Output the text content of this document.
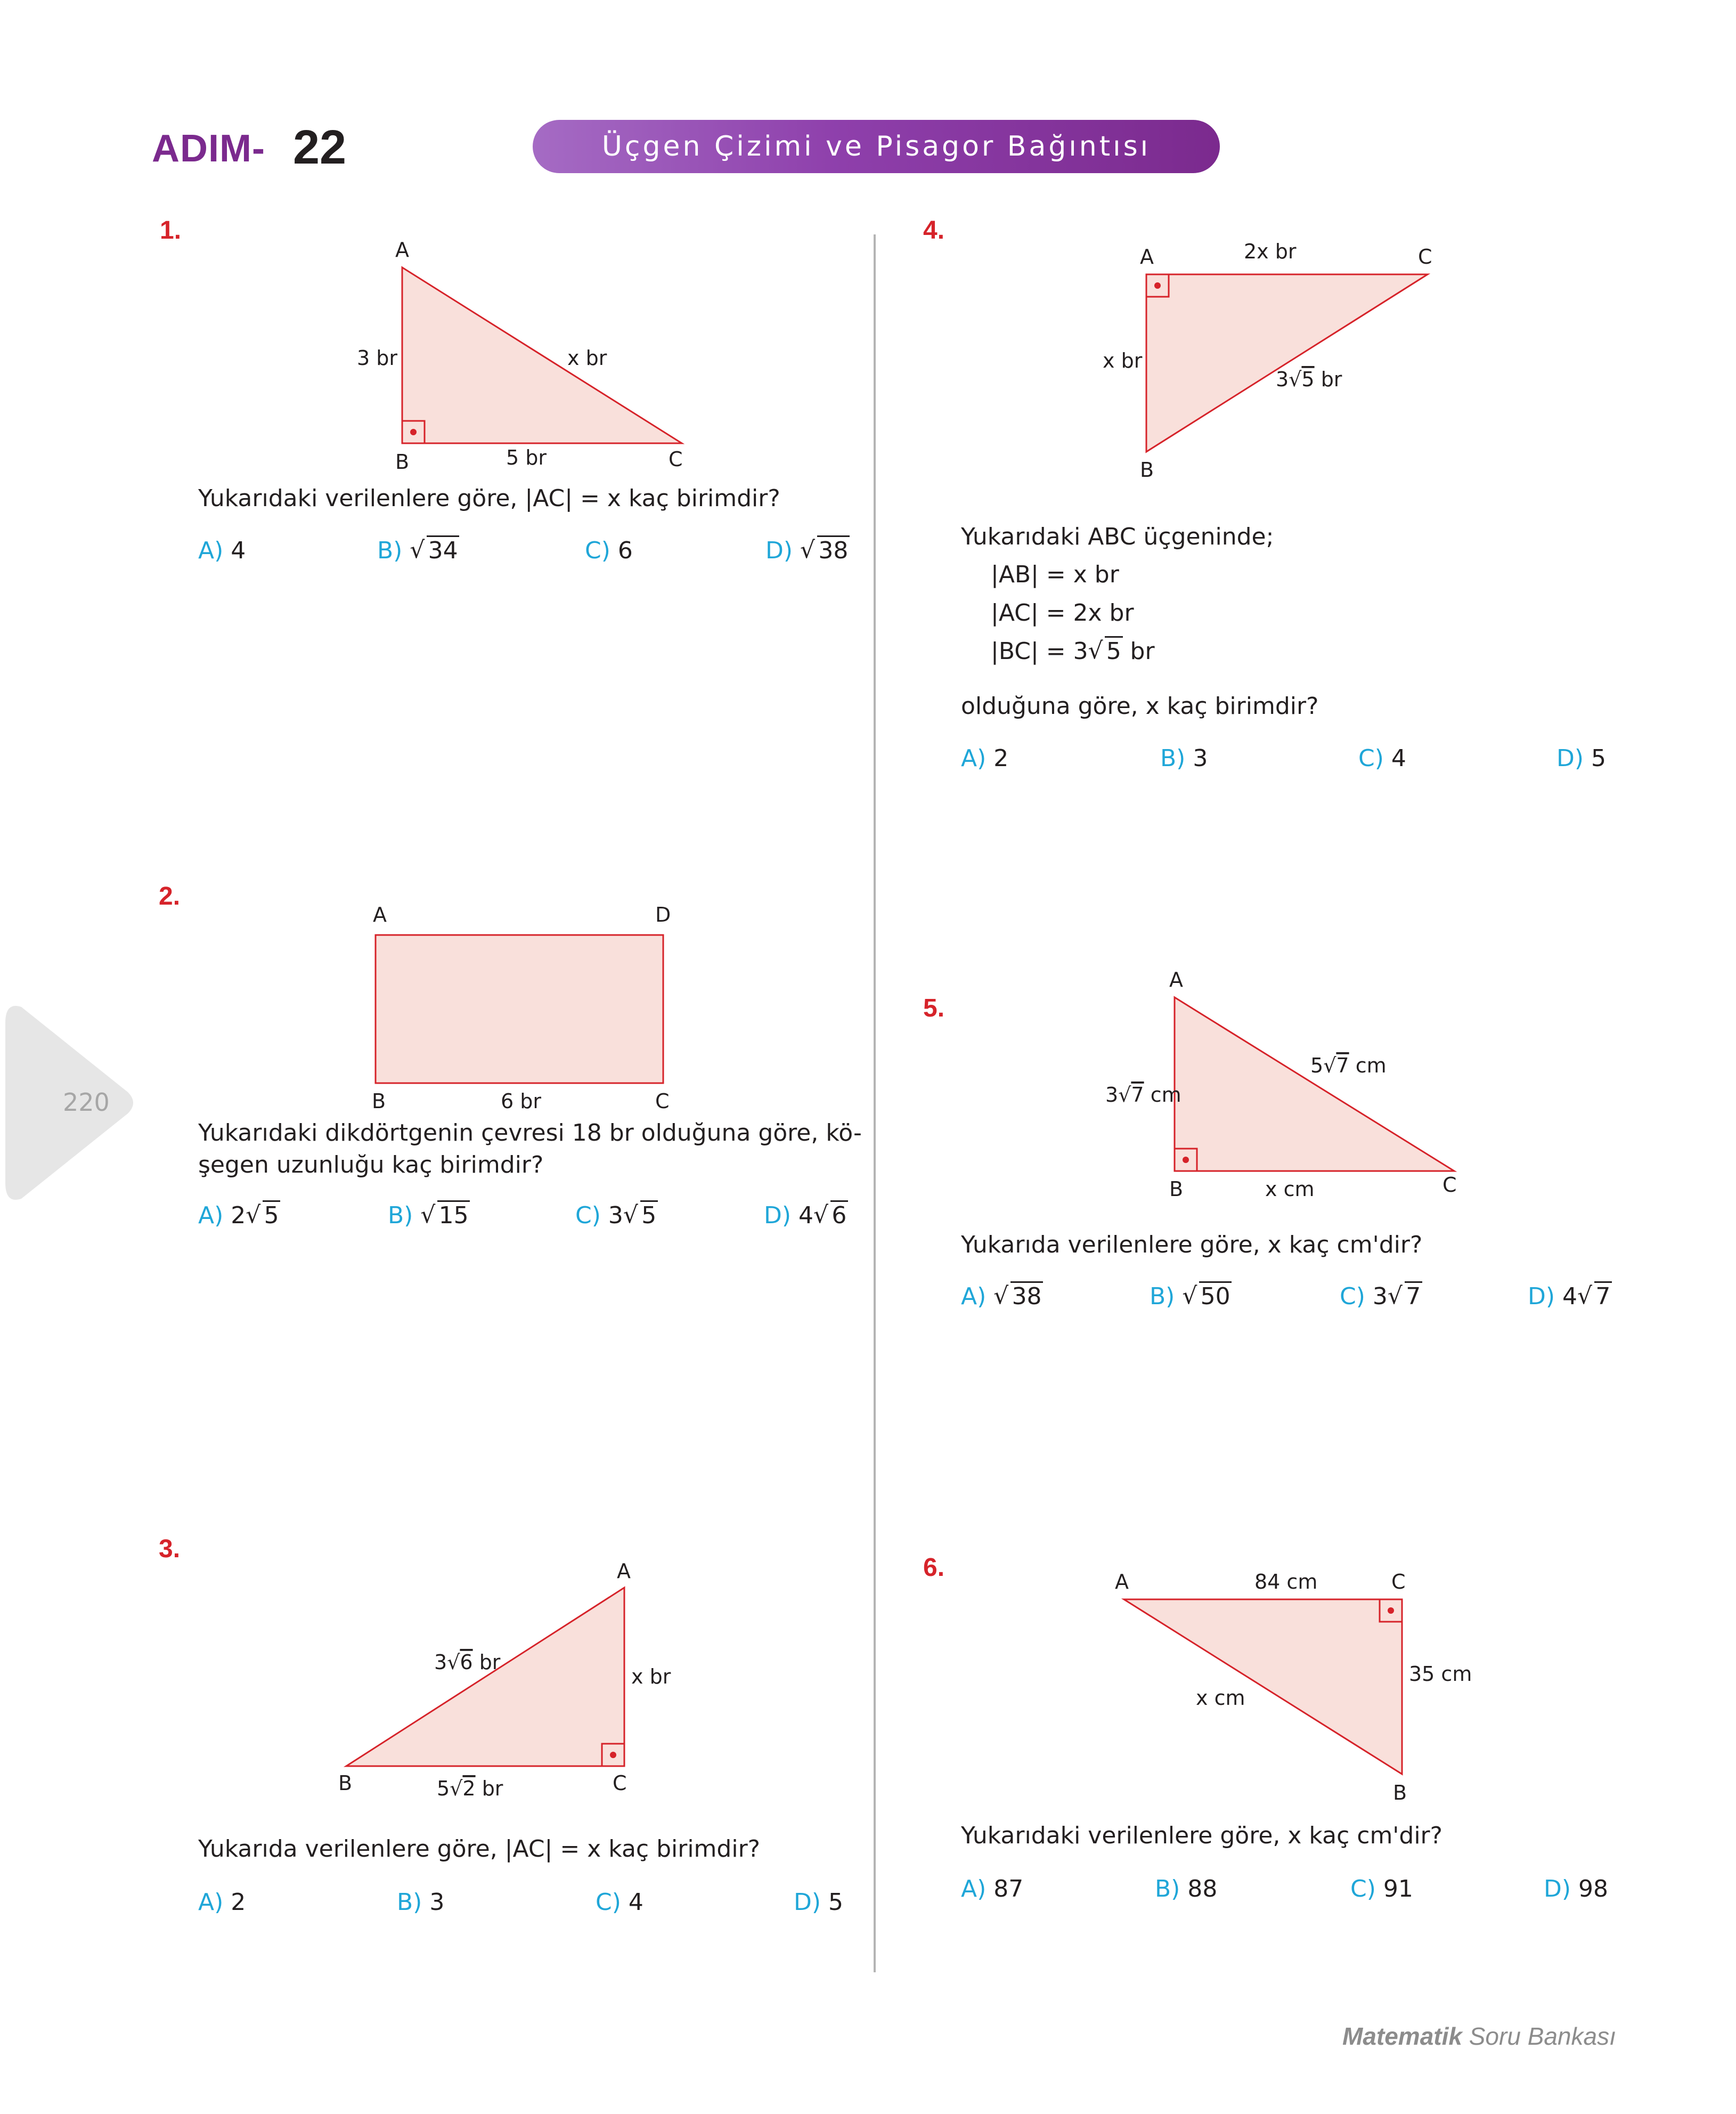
ADIM- 22	Üçgen Çizimi ve Pisagor Bağıntısı
220
1.
A
B	C
3 br
5 br
x br
Yukarıdaki verilenlere göre, |AC| = x kaç birimdir?
A) 4	B) √ 34	C) 6	D) √ 38
2.
A	D
B	C
6 br
Yukarıdaki dikdörtgenin çevresi 18 br olduğuna göre, kö-
şegen uzunluğu kaç birimdir?
A) 2 √ 5	B) √ 15	C) 3 √ 5	D) 4 √ 6
3.
A
B	C
x br
3√6 br
5√2 br
Yukarıda verilenlere göre, |AC| = x kaç birimdir?
A) 2	B) 3	C) 4	D) 5
4.
A	C
B
2x br
x br
3√5 br
Yukarıdaki ABC üçgeninde;
|AB| = x br
|AC| = 2x br
|BC| = 3 √ 5 br
olduğuna göre, x kaç birimdir?
A) 2	B) 3	C) 4	D) 5
5.
A
B	C
3√7 cm
5√7 cm
x cm
Yukarıda verilenlere göre, x kaç cm'dir?
A) √ 38	B) √ 50	C) 3 √ 7	D) 4 √ 7
6.	A	C
B
84 cm
35 cm
x cm
Yukarıdaki verilenlere göre, x kaç cm'dir?
A) 87	B) 88	C) 91	D) 98
Matematik Soru Bankası
